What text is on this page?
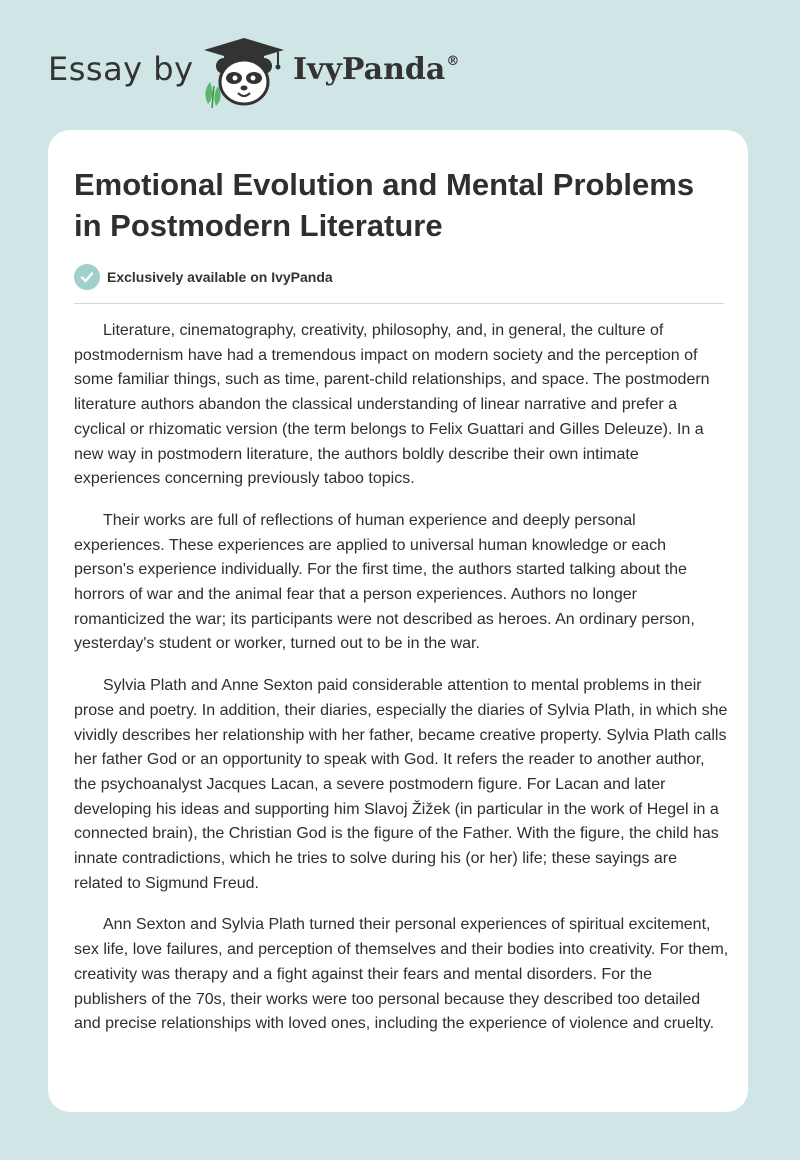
Essay by	IvyPanda®
Emotional Evolution and Mental Problems in Postmodern Literature
Exclusively available on IvyPanda

Literature, cinematography, creativity, philosophy, and, in general, the culture of postmodernism have had a tremendous impact on modern society and the perception of some familiar things, such as time, parent-child relationships, and space. The postmodern literature authors abandon the classical understanding of linear narrative and prefer a cyclical or rhizomatic version (the term belongs to Felix Guattari and Gilles Deleuze). In a new way in postmodern literature, the authors boldly describe their own intimate experiences concerning previously taboo topics.

Their works are full of reflections of human experience and deeply personal experiences. These experiences are applied to universal human knowledge or each person's experience individually. For the first time, the authors started talking about the horrors of war and the animal fear that a person experiences. Authors no longer romanticized the war; its participants were not described as heroes. An ordinary person, yesterday's student or worker, turned out to be in the war.

Sylvia Plath and Anne Sexton paid considerable attention to mental problems in their prose and poetry. In addition, their diaries, especially the diaries of Sylvia Plath, in which she vividly describes her relationship with her father, became creative property. Sylvia Plath calls her father God or an opportunity to speak with God. It refers the reader to another author, the psychoanalyst Jacques Lacan, a severe postmodern figure. For Lacan and later developing his ideas and supporting him Slavoj Žižek (in particular in the work of Hegel in a connected brain), the Christian God is the figure of the Father. With the figure, the child has innate contradictions, which he tries to solve during his (or her) life; these sayings are related to Sigmund Freud.

Ann Sexton and Sylvia Plath turned their personal experiences of spiritual excitement, sex life, love failures, and perception of themselves and their bodies into creativity. For them, creativity was therapy and a fight against their fears and mental disorders. For the publishers of the 70s, their works were too personal because they described too detailed and precise relationships with loved ones, including the experience of violence and cruelty.
